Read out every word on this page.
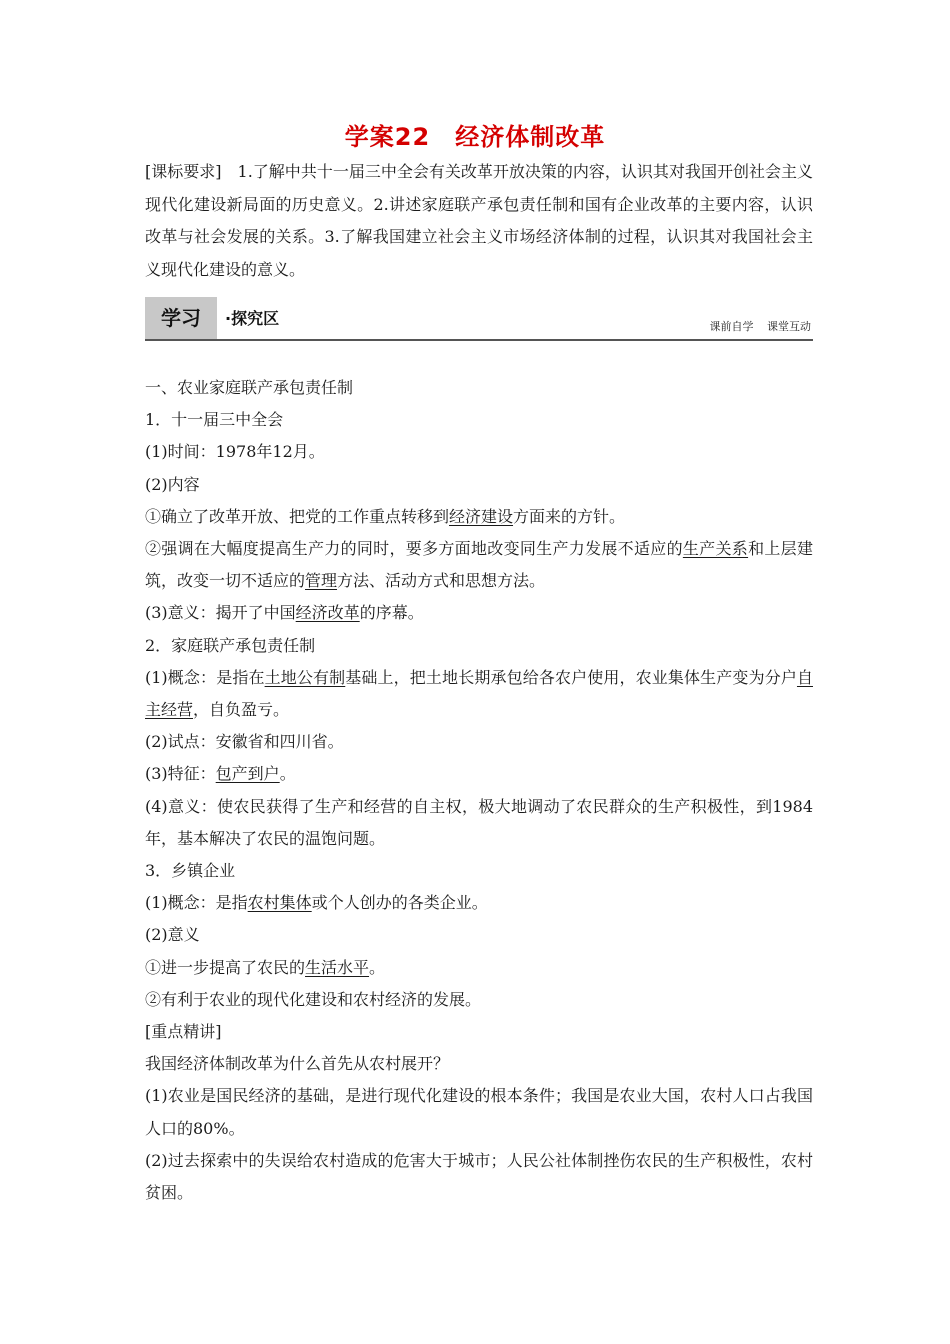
学案22　经济体制改革
[课标要求]　1.了解中共十一届三中全会有关改革开放决策的内容，认识其对我国开创社会主义现代化建设新局面的历史意义。2.讲述家庭联产承包责任制和国有企业改革的主要内容，认识改革与社会发展的关系。3.了解我国建立社会主义市场经济体制的过程，认识其对我国社会主义现代化建设的意义。
学习	·探究区	课前自学 课堂互动

一、农业家庭联产承包责任制

1．十一届三中全会

(1)时间：1978年12月。

(2)内容

①确立了改革开放、把党的工作重点转移到经济建设方面来的方针。

②强调在大幅度提高生产力的同时，要多方面地改变同生产力发展不适应的生产关系和上层建筑，改变一切不适应的管理方法、活动方式和思想方法。

(3)意义：揭开了中国经济改革的序幕。

2．家庭联产承包责任制

(1)概念：是指在土地公有制基础上，把土地长期承包给各农户使用，农业集体生产变为分户自主经营，自负盈亏。

(2)试点：安徽省和四川省。

(3)特征：包产到户。

(4)意义：使农民获得了生产和经营的自主权，极大地调动了农民群众的生产积极性，到1984年，基本解决了农民的温饱问题。

3．乡镇企业

(1)概念：是指农村集体或个人创办的各类企业。

(2)意义

①进一步提高了农民的生活水平。

②有利于农业的现代化建设和农村经济的发展。

[重点精讲]

我国经济体制改革为什么首先从农村展开？

(1)农业是国民经济的基础，是进行现代化建设的根本条件；我国是农业大国，农村人口占我国人口的80%。

(2)过去探索中的失误给农村造成的危害大于城市；人民公社体制挫伤农民的生产积极性，农村贫困。
